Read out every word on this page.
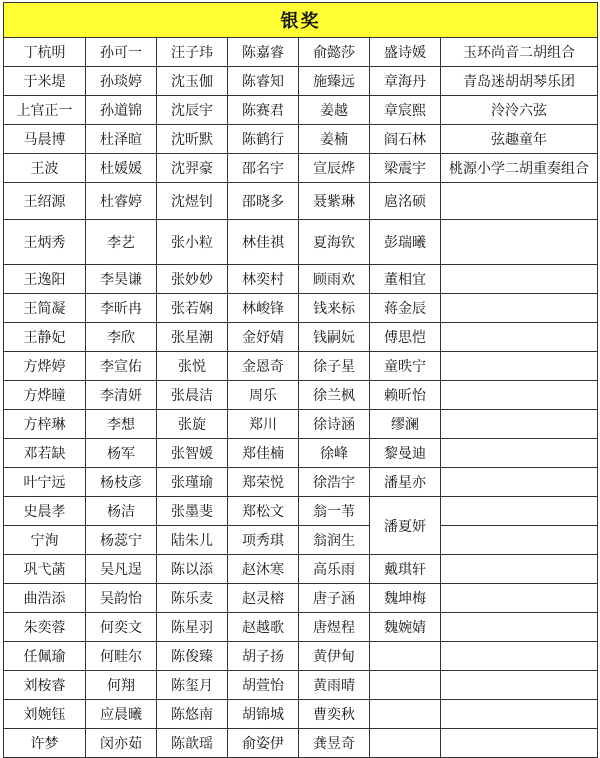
银奖						
丁杭明	孙可一	汪子玮	陈嘉睿	俞懿莎	盛诗媛	玉环尚音二胡组合
于米堤	孙琰婷	沈玉伽	陈睿知	施臻远	章海丹	青岛迷胡胡琴乐团
上官正一	孙道锦	沈辰宇	陈赛君	姜越	章宸熙	泠泠六弦
马晨博	杜泽暄	沈昕默	陈鹤行	姜楠	阎石林	弦趣童年
王波	杜媛媛	沈羿豪	邵名宇	宣辰烨	梁震宇	桃源小学二胡重奏组合
王绍源	杜睿婷	沈煜钊	邵晓多	聂紫琳	扈洺硕	
王炳秀	李艺	张小粒	林佳祺	夏海钦	彭瑞曦	
王逸阳	李昊谦	张妙妙	林奕村	顾雨欢	董相宜	
王简凝	李昕冉	张若娴	林峻锋	钱来标	蒋金辰	
王静妃	李欣	张星潮	金妤婧	钱嗣妧	傅思恺	
方烨婷	李宣佑	张悦	金恩奇	徐子星	童昳宁	
方烨瞳	李清妍	张晨洁	周乐	徐兰枫	赖昕怡	
方梓琳	李想	张旋	郑川	徐诗涵	缪澜	
邓若缺	杨军	张智媛	郑佳楠	徐峰	黎曼迪	
叶宁远	杨枝彦	张瑾瑜	郑荣悦	徐浩宇	潘星亦	
史晨孝	杨洁	张墨斐	郑松文	翁一苇	潘夏妍	
宁洵	杨蕊宁	陆朱儿	项秀琪	翁润生		
巩弋菡	吴凡逞	陈以添	赵沐寒	高乐雨	戴琪轩	
曲浩添	吴韵怡	陈乐麦	赵灵榕	唐子涵	魏坤梅	
朱奕蓉	何奕文	陈星羽	赵越歌	唐煜程	魏婉婧	
任佩瑜	何畦尔	陈俊臻	胡子扬	黄伊甸		
刘桉睿	何翔	陈玺月	胡萱怡	黄雨晴		
刘婉钰	应晨曦	陈悠南	胡锦城	曹奕秋		
许梦	闵亦茹	陈歆瑶	俞姿伊	龚昱奇		
